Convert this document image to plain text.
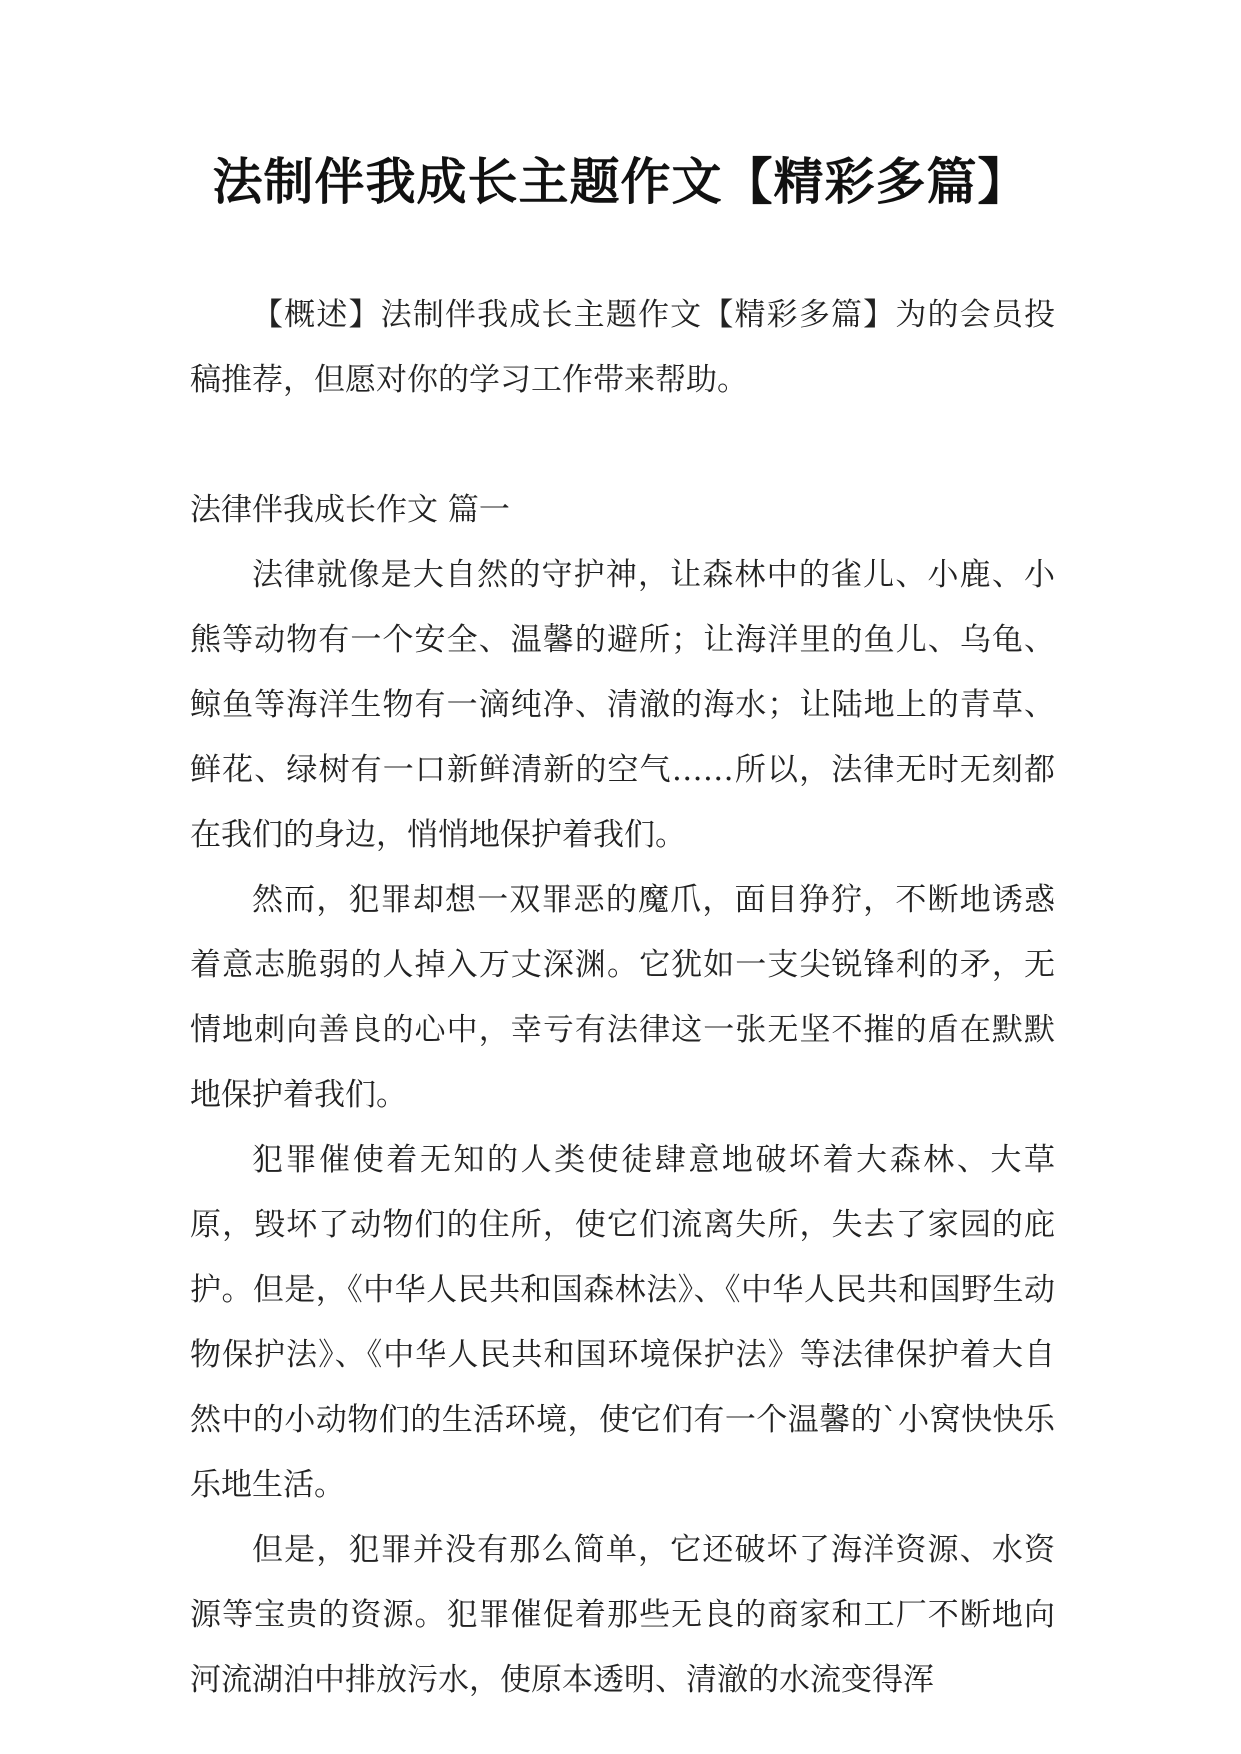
法制伴我成长主题作文【精彩多篇】

【概述】法制伴我成长主题作文【精彩多篇】为的会员投稿推荐，但愿对你的学习工作带来帮助。

法律伴我成长作文 篇一

法律就像是大自然的守护神，让森林中的雀儿、小鹿、小熊等动物有一个安全、温馨的避所；让海洋里的鱼儿、乌龟、鲸鱼等海洋生物有一滴纯净、清澈的海水；让陆地上的青草、鲜花、绿树有一口新鲜清新的空气……所以，法律无时无刻都在我们的身边，悄悄地保护着我们。

然而，犯罪却想一双罪恶的魔爪，面目狰狞，不断地诱惑着意志脆弱的人掉入万丈深渊。它犹如一支尖锐锋利的矛，无情地刺向善良的心中，幸亏有法律这一张无坚不摧的盾在默默地保护着我们。

犯罪催使着无知的人类使徒肆意地破坏着大森林、大草原，毁坏了动物们的住所，使它们流离失所，失去了家园的庇护。但是，《中华人民共和国森林法》、《中华人民共和国野生动物保护法》、《中华人民共和国环境保护法》等法律保护着大自然中的小动物们的生活环境，使它们有一个温馨的`小窝快快乐乐地生活。

但是，犯罪并没有那么简单，它还破坏了海洋资源、水资源等宝贵的资源。犯罪催促着那些无良的商家和工厂不断地向河流湖泊中排放污水，使原本透明、清澈的水流变得浑
